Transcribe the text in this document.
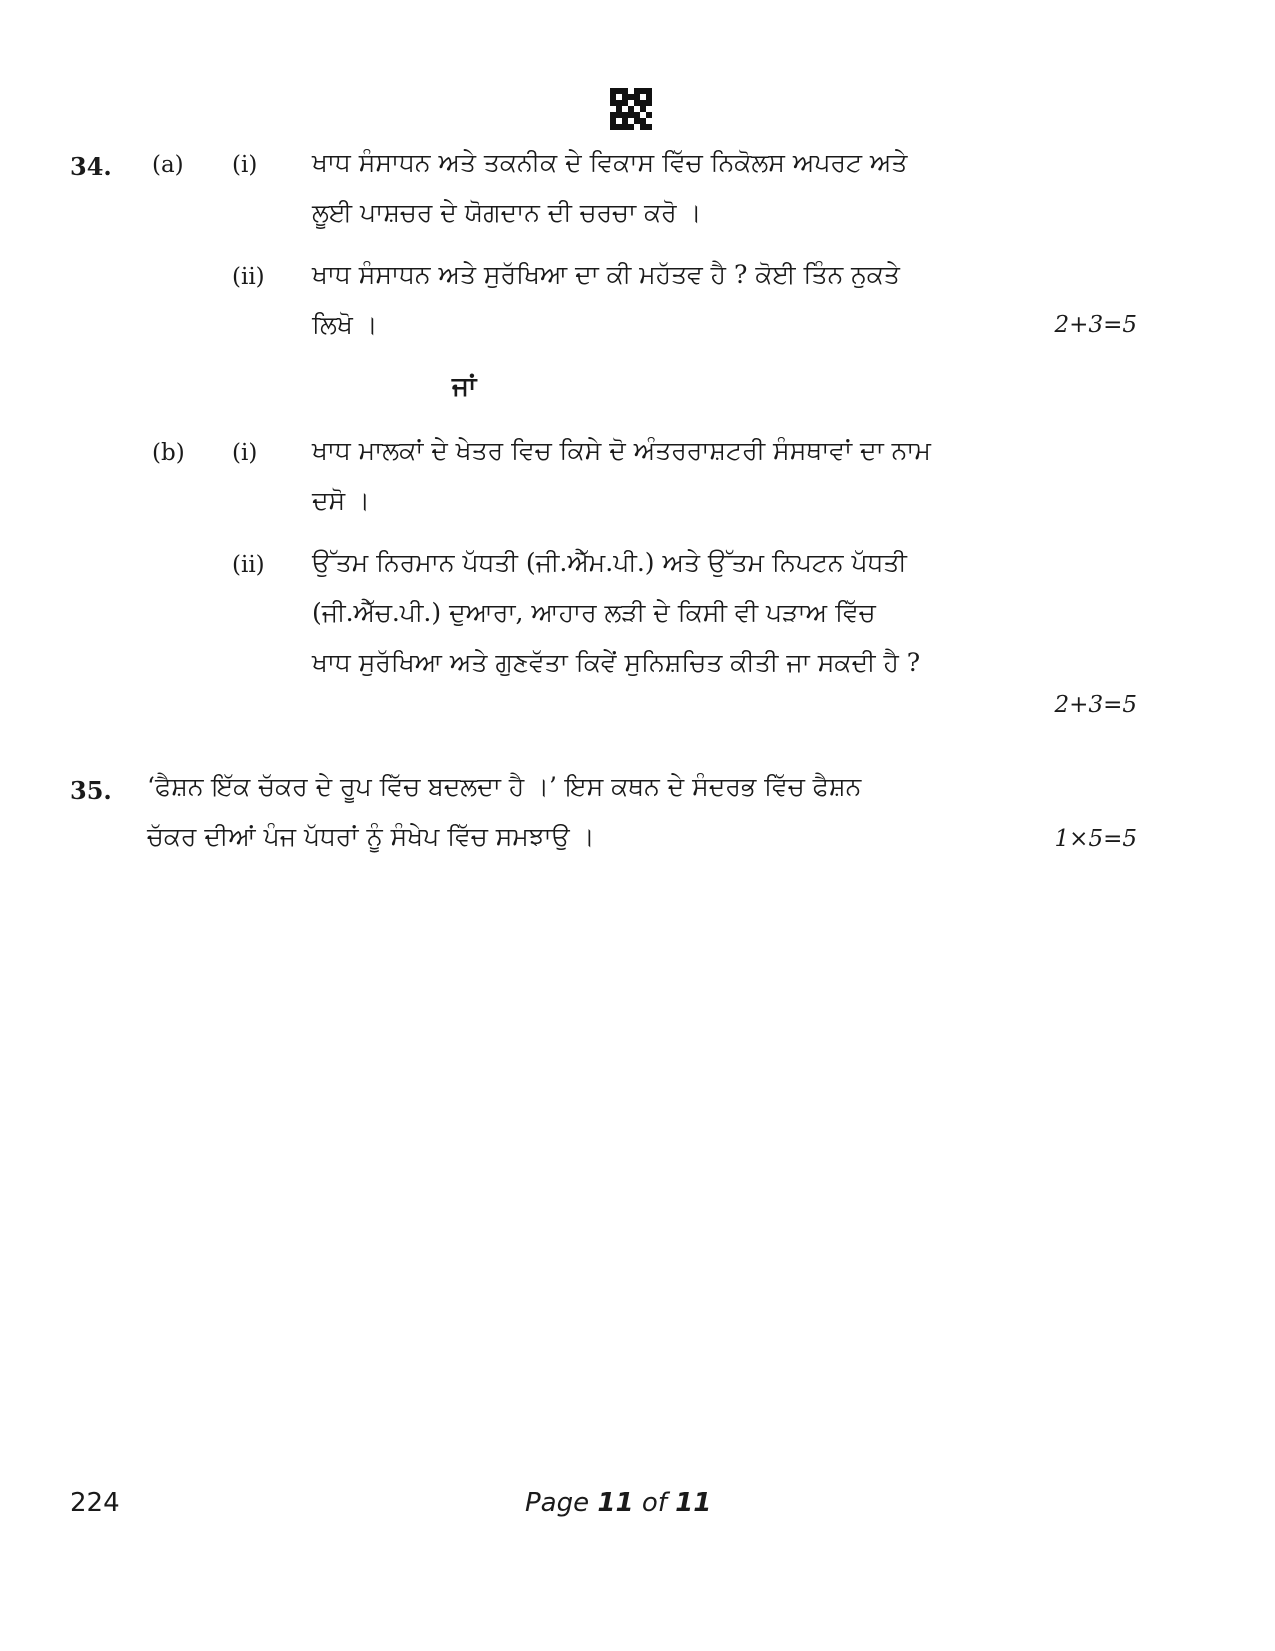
34. (a) (i) ਖਾਧ ਸੰਸਾਧਨ ਅਤੇ ਤਕਨੀਕ ਦੇ ਵਿਕਾਸ ਵਿੱਚ ਨਿਕੋਲਸ ਅਪਰਟ ਅਤੇ

ਲੂਈ ਪਾਸ਼ਚਰ ਦੇ ਯੋਗਦਾਨ ਦੀ ਚਰਚਾ ਕਰੋ ।

(ii) ਖਾਧ ਸੰਸਾਧਨ ਅਤੇ ਸੁਰੱਖਿਆ ਦਾ ਕੀ ਮਹੱਤਵ ਹੈ ? ਕੋਈ ਤਿੰਨ ਨੁਕਤੇ

ਲਿਖੋ ।	2+3=5
ਜਾਂ
(b) (i) ਖਾਧ ਮਾਲਕਾਂ ਦੇ ਖੇਤਰ ਵਿਚ ਕਿਸੇ ਦੋ ਅੰਤਰਰਾਸ਼ਟਰੀ ਸੰਸਥਾਵਾਂ ਦਾ ਨਾਮ

ਦਸੋ ।

(ii) ਉੱਤਮ ਨਿਰਮਾਨ ਪੱਧਤੀ (ਜੀ.ਐੱਮ.ਪੀ.) ਅਤੇ ਉੱਤਮ ਨਿਪਟਨ ਪੱਧਤੀ

(ਜੀ.ਐੱਚ.ਪੀ.) ਦੁਆਰਾ, ਆਹਾਰ ਲੜੀ ਦੇ ਕਿਸੀ ਵੀ ਪੜਾਅ ਵਿੱਚ

ਖਾਧ ਸੁਰੱਖਿਆ ਅਤੇ ਗੁਣਵੱਤਾ ਕਿਵੇਂ ਸੁਨਿਸ਼ਚਿਤ ਕੀਤੀ ਜਾ ਸਕਦੀ ਹੈ ?

2+3=5
35. ‘ਫੈਸ਼ਨ ਇੱਕ ਚੱਕਰ ਦੇ ਰੂਪ ਵਿੱਚ ਬਦਲਦਾ ਹੈ ।’ ਇਸ ਕਥਨ ਦੇ ਸੰਦਰਭ ਵਿੱਚ ਫੈਸ਼ਨ

ਚੱਕਰ ਦੀਆਂ ਪੰਜ ਪੱਧਰਾਂ ਨੂੰ ਸੰਖੇਪ ਵਿੱਚ ਸਮਝਾਉ ।	1×5=5
224	Page 11 of 11
